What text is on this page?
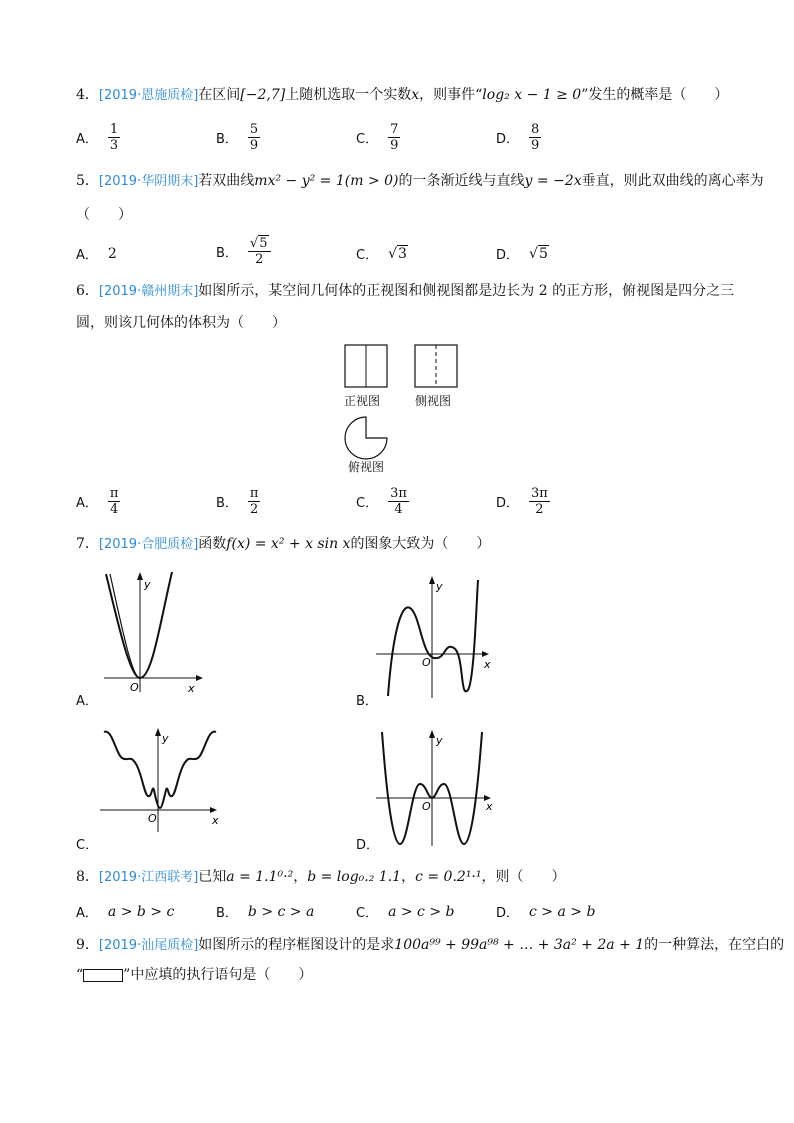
4．[2019·恩施质检]在区间[−2,7]上随机选取一个实数x，则事件“log₂ x − 1 ≥ 0”发生的概率是（　　）
A． $\frac{1}{3}$	B． $\frac{5}{9}$	C． $\frac{7}{9}$	D． $\frac{8}{9}$
5．[2019·华阴期末]若双曲线mx² − y² = 1(m > 0)的一条渐近线与直线y = −2x垂直，则此双曲线的离心率为
（　　）
A． 2	B． $\frac{√5}{2}$	C． √3	D． √5
6．[2019·赣州期末]如图所示，某空间几何体的正视图和侧视图都是边长为 2 的正方形，俯视图是四分之三
圆，则该几何体的体积为（　　）
正视图	侧视图
俯视图
A． $\frac{\pi}{4}$	B． $\frac{\pi}{2}$	C． $\frac{3\pi}{4}$	D． $\frac{3\pi}{2}$
7．[2019·合肥质检]函数f(x) = x² + x sin x的图象大致为（　　）
y
x
O
A．
y
x
O
B．
y
x
O
C．
y
x
O
D．
8．[2019·江西联考]已知a = 1.1⁰·²，b = log₀.₂ 1.1，c = 0.2¹·¹，则（　　）
A． a > b > c	B． b > c > a	C． a > c > b	D． c > a > b
9．[2019·汕尾质检]如图所示的程序框图设计的是求100a⁹⁹ + 99a⁹⁸ + … + 3a² + 2a + 1的一种算法，在空白的
“	”中应填的执行语句是（　　）
